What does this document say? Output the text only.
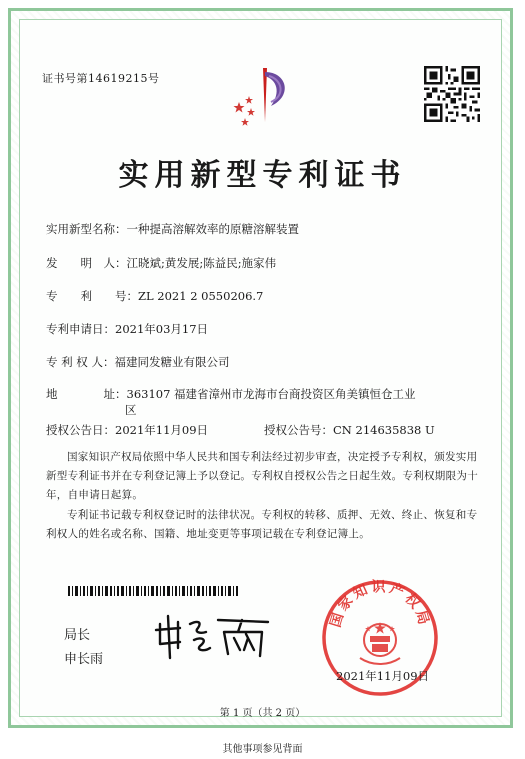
证书号第14619215号
实用新型专利证书
实用新型名称：一种提高溶解效率的原糖溶解装置
发　　明　人：江晓斌;黄发展;陈益民;施家伟
专　　利　　号：ZL 2021 2 0550206.7
专利申请日：2021年03月17日
专 利 权 人：福建同发糖业有限公司
地　　　　址：363107 福建省漳州市龙海市台商投资区角美镇恒仓工业
区
授权公告日：2021年11月09日	授权公告号：CN 214635838 U
国家知识产权局依照中华人民共和国专利法经过初步审查，决定授予专利权，颁发实用新型专利证书并在专利登记簿上予以登记。专利权自授权公告之日起生效。专利权期限为十年，自申请日起算。
专利证书记载专利权登记时的法律状况。专利权的转移、质押、无效、终止、恢复和专利权人的姓名或名称、国籍、地址变更等事项记载在专利登记簿上。
局长
申长雨
国家知识产权局
2021年11月09日
第 1 页（共 2 页）
其他事项参见背面
